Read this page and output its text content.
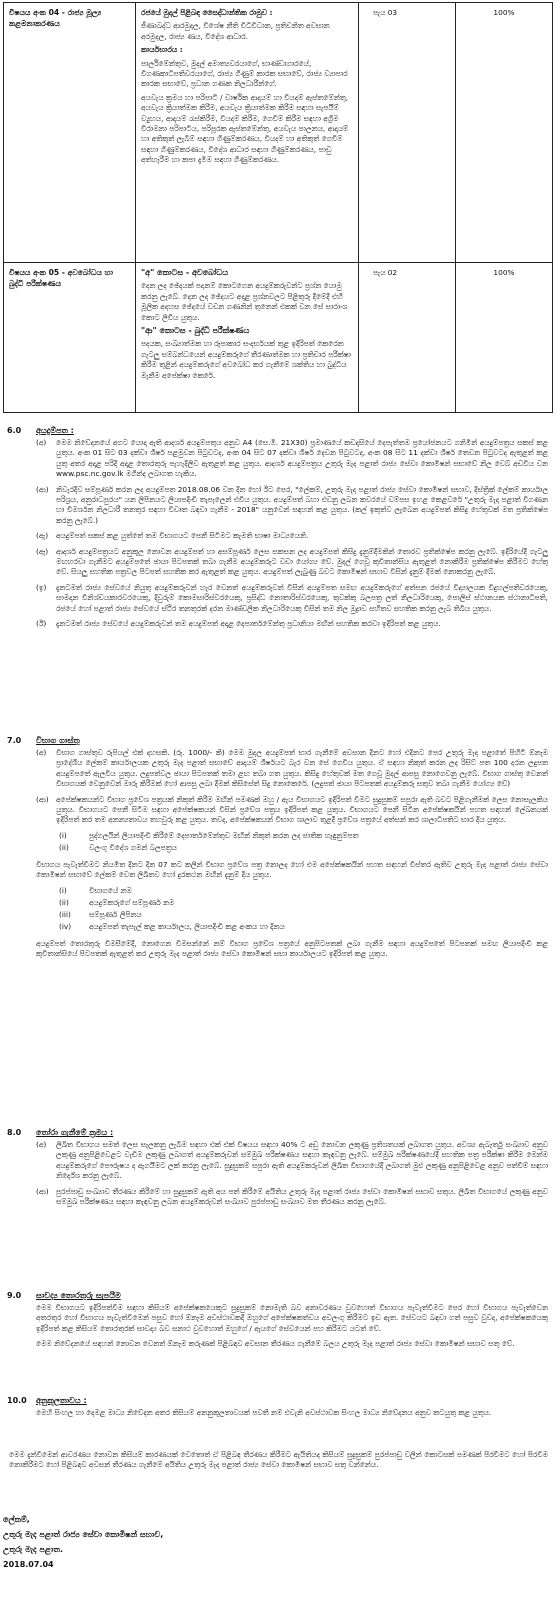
විෂයය අංක 04 - රාජ්‍ය මූල්‍ය කළමනාකරණය	රජයේ මුදල් පිළිබඳ සෛද්ධාන්තික රාමුව :

ජීණාබද්ධ ආරමුදල, විශේෂ නීති විධිවිධාන, ප්‍රතිචනිත අවසාන අරමුදල, රාජ්‍ය ණය, විදේශ ආධාර.

කාර්යභාරය :

පාර්ලිමේන්තුව, මුදල් අමාත්‍යවරයාගේ, භාණ්ඩාගාරයේ, විගණකාධිපතිවරයාගේ, රාජ්‍ය ගිණුම් කාරක සභාවේ, රාජ්‍ය ව්‍යාපාර කාරක සභාවේ, ප්‍රධාන ගණක නිලධාරීන්ගේ.

අයවැය ක්‍රමය හා පරිපාටි / වාර්ෂික ආදායම් හා වියදම් ඇස්තමේන්තු, අයවැය ක්‍රියාත්මක කිරීම, අයවැය ක්‍රියාත්මක කිරීම සඳහා සැපයීම් ව්‍යුහය, ආදායම් රැස්කිරීම, වියදම් කිරීම, ගෙවීම් කිරීම සඳහා අග්‍රිම විරාමනා පරිපාටිය, පරිපූරක ඇස්තමේන්තු, අයවැය පාලනය, ආදායම් හා අතිකුත් ලැබීම් සඳහා ගිණුම්කරණය, වියදම් හා අතිකුත් ගෙවීම් සඳහා ගිණුම්කරණය, විදේශ ආධාර සඳහා ගිණුම්කරණය, පාඩු අත්හැරීම හා කපා දැමීම සඳහා ගිණුම්කරණය.	පැය 03	100%
විෂයය අංක 05 - අවබෝධය හා බුද්ධි පරීක්ෂණය	"අ" කොටස - අවබෝධය

දෙන ලද ඡේදයක් පදනම් කොටගෙන අයදුම්කරුවන්ට ප්‍රශ්න යොමු කරනු ලැබේ. දෙන ලද ඡේදයට අදාළ ප්‍රශ්නවලට පිළිතුරු දීමේදී එහි මූලික අදහස ඡේදයේ වචන ගණනින් තුනෙන් එකක් වන සේ සාරාංශ කොට ලිවිය යුතුය.

"ආ" කොටස - බුද්ධි පරීක්ෂණය

පදයක, සංඛ්‍යාත්මක හා රූපාකාර සංදර්භයක් තුළ ඉදිරිපත් කෙරෙන ගැටලු සම්බන්ධයෙන් අයදුම්කරුගේ තීරණාත්මක හා ප්‍රතිචාර පරීක්ෂා කිරීම තුළින් අයදුම්කරුගේ අවබෝධ කර ගැනීමේ ශක්තිය හා බුද්ධිය මැනීම අපේක්ෂා කෙරේ.	පැය 02	100%
6.0 අයදුම්පත :
(අ) මෙම නිවේදනයේ අගට යොදා ඇති ආදර්ශ අයදුම්පතුය අනුව A4 (සෙ.මී. 21X30) ප්‍රමාණයේ කඩදාසියේ දෙපැත්තම ප්‍රයෝජනයට ගනිමින් අයදුම්පත්‍රය සකස් කළ යුතුය. අංක 01 සිට 03 දක්වා ශීර්ෂ පළමුවන පිටුවටද, අංක 04 සිට 07 දක්වා ශීර්ෂ දෙවන පිටුවටද, අංක 08 සිට 11 දක්වා ශීර්ෂ තෙවන පිටුවටද ඇතුළත් කළ යුතු අතර අදාළ පරිදි අදාළ තොරතුරු පැහැදිලිව ඇතුළත් කළ යුතුය. ආදර්ශ අයදුම්පත්‍රය උතුරු මැද පළාත් රාජ්‍ය සේවා කොමිෂන් සභාවේ නිල වෙබ් අඩවිය වන www.psc.nc.gov.lk මගින්ද ලබාගත හැකිය.
(ආ) නිවැරදිව සම්පූර්ණ කරන ලද අයදුම්පත 2018.08.06 වන දින හෝ ඊට පෙර, "ලේකම්, උතුරු මැද පළාත් රාජ්‍ය සේවා කොමිෂන් සභාව, දිස්ත්‍රික් ලේකම් කාර්යාල පරිශ්‍රය, අනුරාධපුරය" යන ලිපිනයට ලියාපදිංචි තැපෑලෙන් එවිය යුතුය. අයදුම්පත් බහා එවනු ලබන කවරයේ වම්පස ඉහළ කෙළවරේ "උතුරු මැද පළාත් විගණන හා විමර්ශන නිලධාරී තනතුර සඳහා විවෘත බඳවා ගැනීම - 2018" යනුවෙන් සඳහන් කළ යුතුය. (කල් ඉකුත්ව ලැබෙන අයදුම්පත් කිසිදු හේතුවක් මත ප්‍රතික්ෂේප කරනු ලැබේ.)
(ඇ) අයදුම්පත් සකස් කළ යුත්තේ තම විභාගයට පෙනී සිටිමට කැමති භාෂා මාධ්‍යයෙනි.
(ඈ) ආදර්ශ අයදුම්පත්‍රයට අනුකූල නොවන අයදුම්පත් හා අසම්පූර්ණ ලෙස සකසන ලද අයදුම්පත් කිසිදු දැනුම්දීමකින් තොරව ප්‍රතික්ෂේප කරනු ලැබේ. ඉදිරියේදී ගැටලු මඟහරවා ගැනීමට අයදුම්පතේ ඡායා පිටපතක් තබා ගැනීම අයදුම්කරුට වඩා යෝග්‍ය වේ. මුදල් ගෙවූ කුවිතාන්සිය ඇතුළත් නොකිරීම ප්‍රතික්ෂේප කිරීමට හේතු වේ. සියලු සහතික පත්‍රවල පිටපත් සහතික කර ඇතුළත් කළ යුතුය. අයදුම්පත් ලැබුණු බවට කොමිෂන් සභාව විසින් දැනුම් දීමක් නොකරනු ලැබේ.
(ඉ) දැනටමත් රාජ්‍ය සේවයේ නියුතු අයදුම්කරුවන් හැර වෙනත් අයදුම්කරුවන් විසින් අයදුම්පත සමඟ අයදුම්කරුගේ අත්සන රජයේ විද්‍යාලයක විදුහල්පතිවරයෙකු, සාමදාන විනිශ්චයකාරවරයෙකු, දිවුරුම් කොමසාරිස්වරයෙකු, ප්‍රසිද්ධ නොතාරිස්වරයෙකු, තුවක්කු බලපත්‍ර ලත් නිලධාරියෙකු, පොලිස් ස්ථානයක ස්ථානාධිපති, රජයේ හෝ පළාත් රාජ්‍ය සේවයේ ස්ථිර තනතුරක් දරන මාණ්ඩලික නිලධාරියෙකු විසින් තම නිල මුද්‍රාව සහිතව සහතික කරනු ලැබ තිබිය යුතුය.
(ඊ) දැනටමත් රාජ්‍ය සේවයේ අයදුම්කරුවන් තම අයදුම්පත් අදාළ දෙපාර්තමේන්තු ප්‍රධානියා මඟින් සහතික කරවා ඉදිරිපත් කළ යුතුය.
7.0 විභාග ගාස්තු
(අ) විභාග ගාස්තුව රුපියල් එක් දහසකි. (රු. 1000/- කි) මෙම මුදල අයදුම්පත් භාර ගැනීමේ අවසාන දිනට හෝ එදිනට පෙර උතුරු මැද පළාතේ පිහිටි ඕනෑම ප්‍රාදේශීය ලේකම් කාර්යාලයක උතුරු මැද පළාත් සභාවේ ආදායම් ශීර්ෂයට බැර වන සේ ගෙවිය යුතුය. ඒ සඳහා නිකුත් කරන ලද රිසිට් පත 100 දරන ලදුපත අයදුම්පතේ ඇලවිය යුතුය. ලදුපත්වල ඡායා පිටපතක් තමා ළඟ තබා ගත යුතුය. කිසිදු හේතුවක් මත ගෙවූ මුදල් ආපසු නොගෙවනු ලැබේ. විභාග ගාස්තු වෙනත් විභාගයක් වෙනුවෙන් මාරු කිරීමක් හෝ ආපසු ලබා දීමක් කිසිසේත් සිදු නොකෙරේ. (ලදුපත් ඡායා පිටපතක් අයදුම්කරු සතුව තබා ගැනීම යෝග්‍ය වේ)
(ආ) අපේක්ෂකයන්ට විභාග ප්‍රවේශ පත්‍රයක් නිකුත් කිරීම මඟින් පමණක් ඔහු / ඇය විභාගයට ඉදිරිපත් වීමට සුදුසුකම් සපුරා ඇති බවට පිළිගැනීමක් ලෙස නොසැලකිය යුතුය. විභාගයට පෙනී සිටීම සඳහා අපේක්ෂකයන් විසින් ප්‍රවේශ පත්‍රය ඉදිරිපත් කළ යුතුය. විභාගයට පෙනී සිටින අපේක්ෂකයින් පහත සඳහන් ලේඛනයක් ඉදිරිපත් කර තම අනන්‍යතාවය තහවුරු කළ යුතුය. තවද, අපේක්ෂකයන් විභාග ශාලාව තුළදී ප්‍රවේශ පත්‍රයේ අත්සන් කර ශාලාධිපතිට භාර දිය යුතුය.
(i)	පුද්ගලයින් ලියාපදිංචි කිරීමේ දෙපාර්තමේන්තුව මඟින් නිකුත් කරන ලද ජාතික හැඳුනුම්පත
(ii)	වලංගු විදේශ ගමන් බලපත්‍රය
විභාගය පැවැත්වීමට නියමිත දිනට දින 07 කට කලින් විභාග ප්‍රවේශ පත්‍ර නොලද හෝ එම අපේක්ෂකයින් පහත සඳහන් විස්තර ඇතිව උතුරු මැද පළාත් රාජ්‍ය සේවා කොමිෂන් සභාවේ ලේකම් වෙත ලිඛිතව හෝ දුරකථන මඟින් දැනුම් දිය යුතුය.
(i)	විභාගයේ නම
(ii)	අයදුම්කරුගේ සම්පූර්ණ නම
(iii) සම්පූර්ණ ලිපිනය
(iv) අයදුම්පත් තැපැල් කළ කාර්යාලය, ලියාපදිංචි කළ අංකය හා දිනය
අයදුම්පත් තොරතුරු විමසීමේදී, නොගෙන විමසන්නේ නම් විභාග ප්‍රවේශ පත්‍රයේ අනුපිටපතක් ලබා ගැනීම සඳහා අයදුම්පතේ පිටපතක් සමඟ ලියාපදිංචි කළ කුවිතාන්සියේ පිටපතක් ඇතුළත් කර උතුරු මැද පළාත් රාජ්‍ය සේවා කොමිෂන් සභා කාර්යාලයට ඉදිරිපත් කළ යුතුය.
8.0 තෝරා ගැනීමේ ක්‍රමය :
(අ) ලිඛිත විභාගය සමත් ලෙස සැලකනු ලැබීම සඳහා එක් එක් විෂයය සඳහා 40% ට අඩු නොවන ලකුණු ප්‍රතිශතයක් ලබාගත යුතුය. අවශ්‍ය ඇබෑර්තු සංඛ්‍යාව අනුව ලකුණු අනුපිළිවෙළට වැඩිම ලකුණු ලබාගත් අයදුම්කරුවන් සම්මුඛ පරීක්ෂණය සඳහා කැඳවනු ලැබේ. සම්මුඛ පරීක්ෂණයේදී සහතික පත්‍ර පරීක්ෂා කිරීම මෙන්ම අයදුම්කරුගේ පෞරුෂය ද ඇගයීමට ලක් කරනු ලැබේ. සුදුසුකම් සපුරා ඇති අයදුම්කරුවන් ලිඛිත විභාගයේදී ලබාගත් මුළු ලකුණු අනුපිළිවෙළ අනුව පත්වීම් සඳහා නිර්දේශ කරනු ලැබේ.
(ආ) පුරප්පාඩු සංඛ්‍යාව තීරණය කිරීමේ හා සුදුසුකම් ඇති අය පත් කිරීමේ අයිතිය උතුරු මැද පළාත් රාජ්‍ය සේවා කොමිෂන් සභාව සතුය. ලිඛිත විභාගයේ ලකුණු අනුව සම්මුඛ පරීක්ෂණය සඳහා කැඳවනු ලබන අයදුම්කරුවන් සංඛ්‍යාව පුරප්පාඩු සංඛ්‍යාව මත තීරණය කරනු ලැබේ.
9.0 සාවද්‍ය තොරතුරු සැපයීම
මෙම විභාගයට ඉදිරිපත්වීම සඳහා කිසියම් අපේක්ෂකයෙකුට සුදුසුකම් නොමැති බව අනාවරණය වුවහොත් විභාගය පැවැත්වීමට පෙර හෝ විභාගය පැවැත්වෙන අතරතුර හෝ විභාගය පැවැත්වීමෙන් පසුව හෝ ඕනෑම අවස්ථාවකදී ඔහුගේ අපේක්ෂකත්වය අවලංගු කිරීමට ඉඩ ඇත. සේවයට බඳවා ගත් පසුව වුවද, අපේක්ෂකයෙකු ඉදිරිපත් කළ කිසියම් තොරතුරක් සාවද්‍ය බව සනාථ වුවහොත් ඔහුගේ / ඇයගේ සේවයෙන් පහ කිරීමට යටත් වේ.
මෙම නිවේදනයේ සඳහන් නොවන වෙනත් ඕනෑම කරුණක් පිළිබඳව අවසාන තීරණය ගැනීමේ බලය උතුරු මැද පළාත් රාජ්‍ය සේවා කොමිෂන් සභාව සතු වේ.
10.0 අනුකූලතාවය :
මෙහි සිංහල හා දෙමළ මාධ්‍ය නිවේදන අතර කිසියම් අනනුකූලතාවයක් පවතී නම් එවැනි අවස්ථාවක සිංහල මාධ්‍ය නිවේදනය අනුව කටයුතු කළ යුතුය.
මෙම දැන්වීමෙන් ආවරණය නොවන කිසියම් කාරණයක් වෙතොත් ඒ පිළිබඳ තීරණය කිරීමට ඇයිතියද කිසියම් සුදුසුකම් පුරප්පාඩු වලින් කොටසක් පමණක් පිරවීමට හෝ පිරවීම නොකිරීමට හෝ පිළිබඳව අවසන් තීරණය ගැනීමේ අයිතිය උතුරු මැද පළාත් රාජ්‍ය සේවා කොමිෂන් සභාව සතු වන්නේය.
ලේකම්,
උතුරු මැද පළාත් රාජ්‍ය සේවා කොමිෂන් සභාව,
උතුරු මැද පළාත.
2018.07.04
